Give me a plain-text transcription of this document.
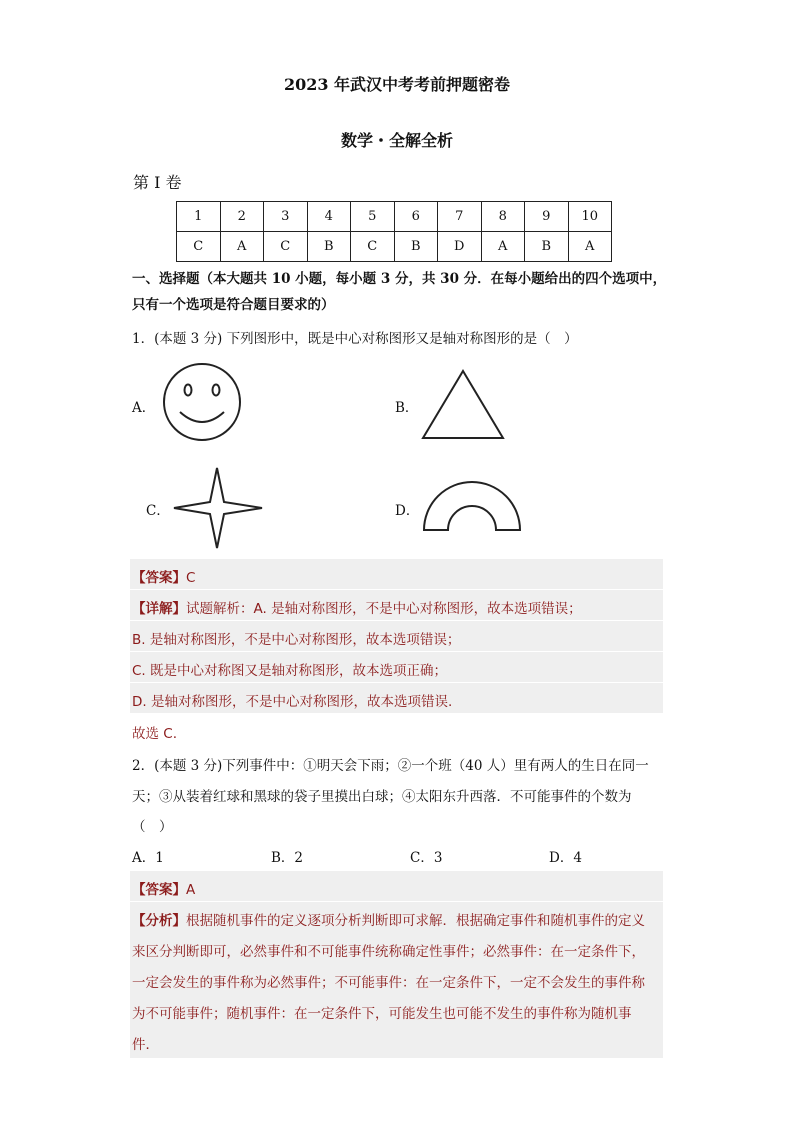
2023 年武汉中考考前押题密卷
数学・全解全析
第 I 卷
1	2	3	4	5	6	7	8	9	10
C	A	C	B	C	B	D	A	B	A
一、选择题（本大题共 10 小题，每小题 3 分，共 30 分．在每小题给出的四个选项中，
只有一个选项是符合题目要求的）
1．(本题 3 分) 下列图形中，既是中心对称图形又是轴对称图形的是（　）
A．	B．
C．	D．
【答案】C
【详解】试题解析：A. 是轴对称图形，不是中心对称图形，故本选项错误；
B. 是轴对称图形，不是中心对称图形，故本选项错误；
C. 既是中心对称图又是轴对称图形，故本选项正确；
D. 是轴对称图形，不是中心对称图形，故本选项错误.
故选 C.
2．(本题 3 分)下列事件中：①明天会下雨；②一个班（40 人）里有两人的生日在同一
天；③从装着红球和黑球的袋子里摸出白球；④太阳东升西落．不可能事件的个数为
（　）
A．1	B．2	C．3	D．4
【答案】A
【分析】根据随机事件的定义逐项分析判断即可求解．根据确定事件和随机事件的定义
来区分判断即可，必然事件和不可能事件统称确定性事件；必然事件：在一定条件下，
一定会发生的事件称为必然事件；不可能事件：在一定条件下，一定不会发生的事件称
为不可能事件；随机事件：在一定条件下，可能发生也可能不发生的事件称为随机事
件．
